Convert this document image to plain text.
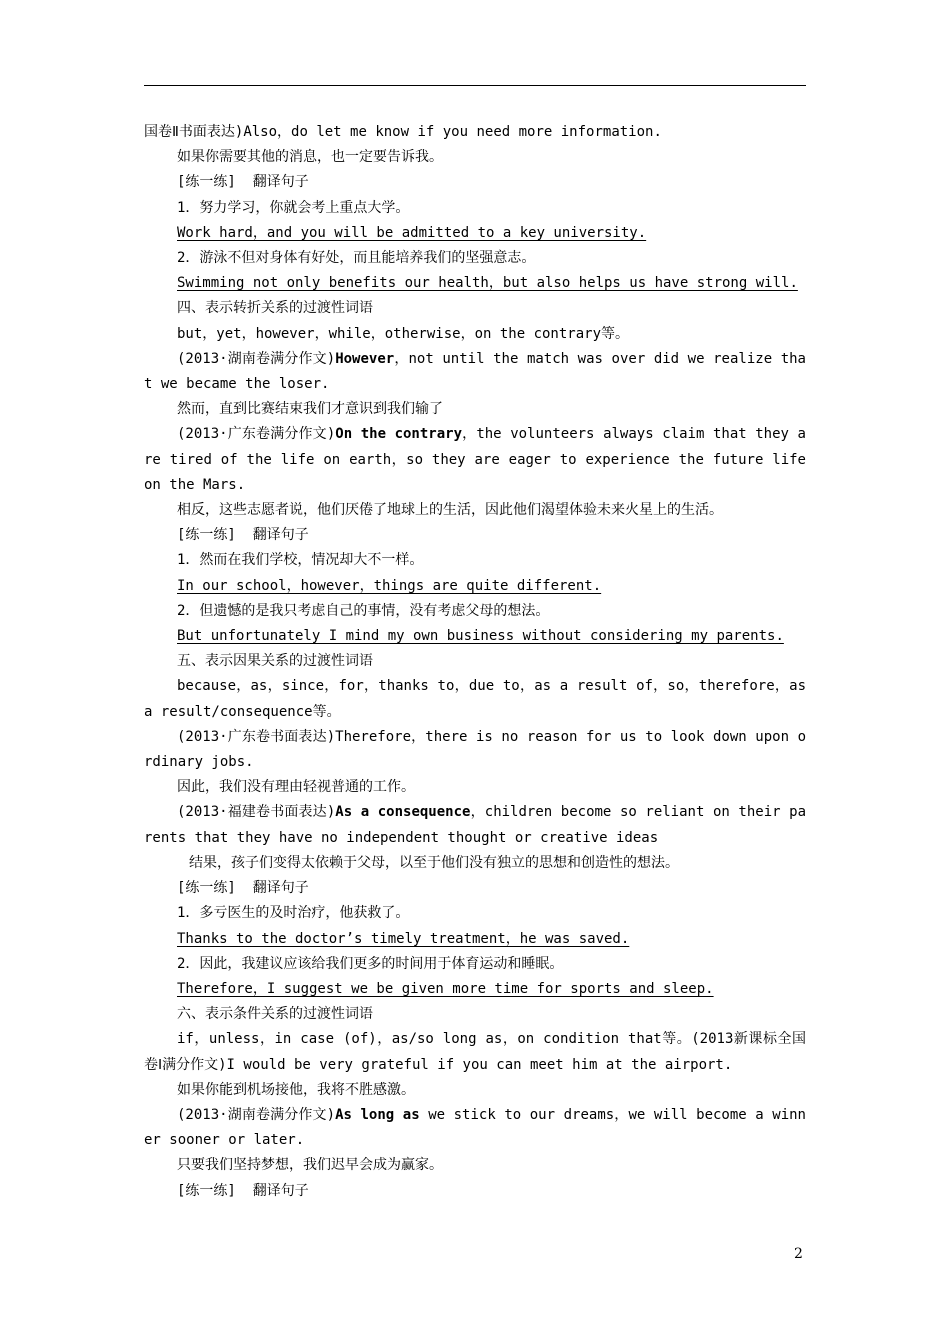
国卷Ⅱ书面表达)Also，do let me know if you need more information.

如果你需要其他的消息，也一定要告诉我。

[练一练]  翻译句子

1．努力学习，你就会考上重点大学。

Work hard，and you will be admitted to a key university.

2．游泳不但对身体有好处，而且能培养我们的坚强意志。

Swimming not only benefits our health，but also helps us have strong will.

四、表示转折关系的过渡性词语

but，yet，however，while，otherwise，on the contrary等。

(2013·湖南卷满分作文)However，not until the match was over did we realize that we became the loser.

然而，直到比赛结束我们才意识到我们输了

(2013·广东卷满分作文)On the contrary，the volunteers always claim that they are tired of the life on earth，so they are eager to experience the future life on the Mars.

相反，这些志愿者说，他们厌倦了地球上的生活，因此他们渴望体验未来火星上的生活。

[练一练]  翻译句子

1．然而在我们学校，情况却大不一样。

In our school，however，things are quite different.

2．但遗憾的是我只考虑自己的事情，没有考虑父母的想法。

But unfortunately I mind my own business without considering my parents.

五、表示因果关系的过渡性词语

because，as，since，for，thanks to，due to，as a result of，so，therefore，as a result/consequence等。

(2013·广东卷书面表达)Therefore，there is no reason for us to look down upon ordinary jobs.

因此，我们没有理由轻视普通的工作。

(2013·福建卷书面表达)As a consequence，children become so reliant on their parents that they have no independent thought or creative ideas

结果，孩子们变得太依赖于父母，以至于他们没有独立的思想和创造性的想法。

[练一练]  翻译句子

1．多亏医生的及时治疗，他获救了。

Thanks to the doctor’s timely treatment，he was saved.

2．因此，我建议应该给我们更多的时间用于体育运动和睡眠。

Therefore，I suggest we be given more time for sports and sleep.

六、表示条件关系的过渡性词语

if，unless，in case (of)，as/so long as，on condition that等。(2013新课标全国卷Ⅰ满分作文)I would be very grateful if you can meet him at the airport.

如果你能到机场接他，我将不胜感激。

(2013·湖南卷满分作文)As long as we stick to our dreams，we will become a winner sooner or later.

只要我们坚持梦想，我们迟早会成为赢家。

[练一练]  翻译句子

2
